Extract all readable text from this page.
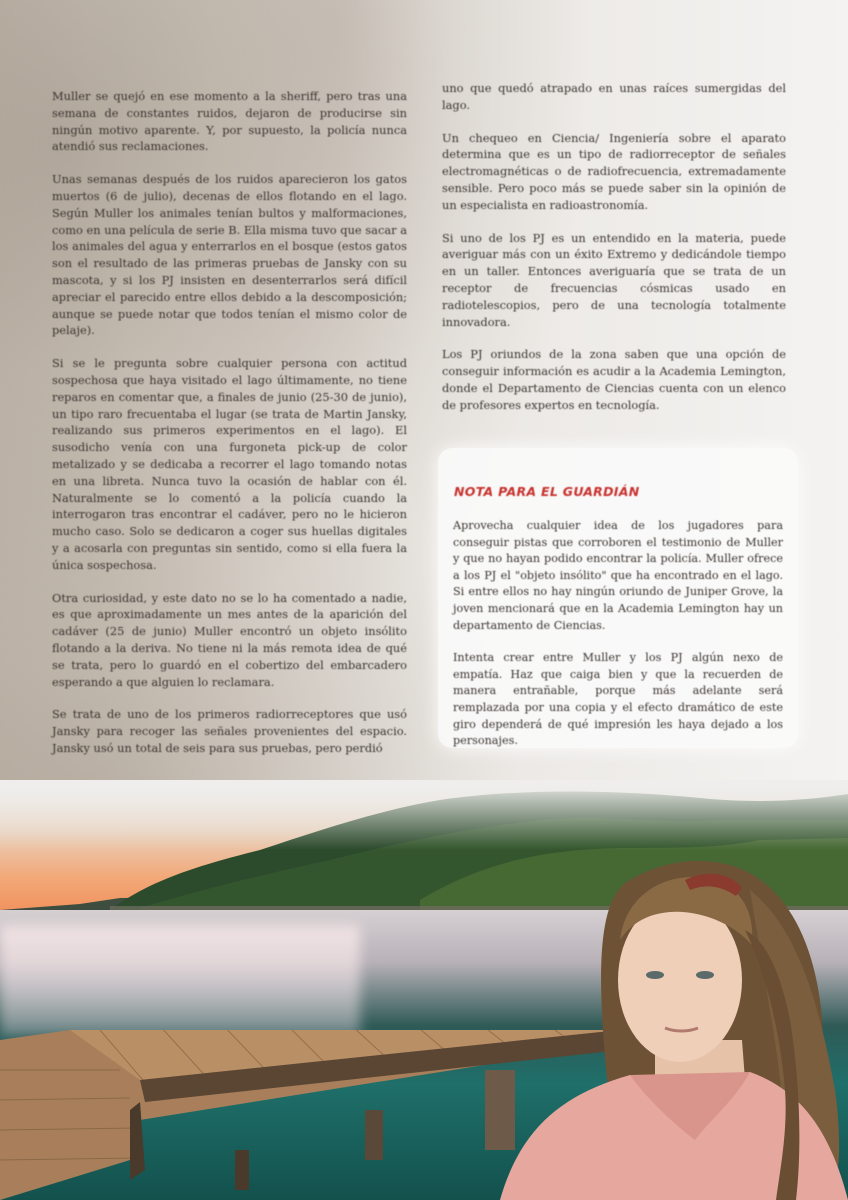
Muller se quejó en ese momento a la sheriff, pero tras una semana de constantes ruidos, dejaron de producirse sin ningún motivo aparente. Y, por supuesto, la policía nunca atendió sus reclamaciones.

Unas semanas después de los ruidos aparecieron los gatos muertos (6 de julio), decenas de ellos flotando en el lago. Según Muller los animales tenían bultos y malformaciones, como en una película de serie B. Ella misma tuvo que sacar a los animales del agua y enterrarlos en el bosque (estos gatos son el resultado de las primeras pruebas de Jansky con su mascota, y si los PJ insisten en desenterrarlos será difícil apreciar el parecido entre ellos debido a la descomposición; aunque se puede notar que todos tenían el mismo color de pelaje).

Si se le pregunta sobre cualquier persona con actitud sospechosa que haya visitado el lago últimamente, no tiene reparos en comentar que, a finales de junio (25-30 de junio), un tipo raro frecuentaba el lugar (se trata de Martin Jansky, realizando sus primeros experimentos en el lago). El susodicho venía con una furgoneta pick-up de color metalizado y se dedicaba a recorrer el lago tomando notas en una libreta. Nunca tuvo la ocasión de hablar con él. Naturalmente se lo comentó a la policía cuando la interrogaron tras encontrar el cadáver, pero no le hicieron mucho caso. Solo se dedicaron a coger sus huellas digitales y a acosarla con preguntas sin sentido, como si ella fuera la única sospechosa.

Otra curiosidad, y este dato no se lo ha comentado a nadie, es que aproximadamente un mes antes de la aparición del cadáver (25 de junio) Muller encontró un objeto insólito flotando a la deriva. No tiene ni la más remota idea de qué se trata, pero lo guardó en el cobertizo del embarcadero esperando a que alguien lo reclamara.

Se trata de uno de los primeros radiorreceptores que usó Jansky para recoger las señales provenientes del espacio. Jansky usó un total de seis para sus pruebas, pero perdió

uno que quedó atrapado en unas raíces sumergidas del lago.

Un chequeo en Ciencia/ Ingeniería sobre el aparato determina que es un tipo de radiorreceptor de señales electromagnéticas o de radiofrecuencia, extremadamente sensible. Pero poco más se puede saber sin la opinión de un especialista en radioastronomía.

Si uno de los PJ es un entendido en la materia, puede averiguar más con un éxito Extremo y dedicándole tiempo en un taller. Entonces averiguaría que se trata de un receptor de frecuencias cósmicas usado en radiotelescopios, pero de una tecnología totalmente innovadora.

Los PJ oriundos de la zona saben que una opción de conseguir información es acudir a la Academia Lemington, donde el Departamento de Ciencias cuenta con un elenco de profesores expertos en tecnología.

NOTA PARA EL GUARDIÁN

Aprovecha cualquier idea de los jugadores para conseguir pistas que corroboren el testimonio de Muller y que no hayan podido encontrar la policía. Muller ofrece a los PJ el "objeto insólito" que ha encontrado en el lago. Si entre ellos no hay ningún oriundo de Juniper Grove, la joven mencionará que en la Academia Lemington hay un departamento de Ciencias.

Intenta crear entre Muller y los PJ algún nexo de empatía. Haz que caiga bien y que la recuerden de manera entrañable, porque más adelante será remplazada por una copia y el efecto dramático de este giro dependerá de qué impresión les haya dejado a los personajes.
